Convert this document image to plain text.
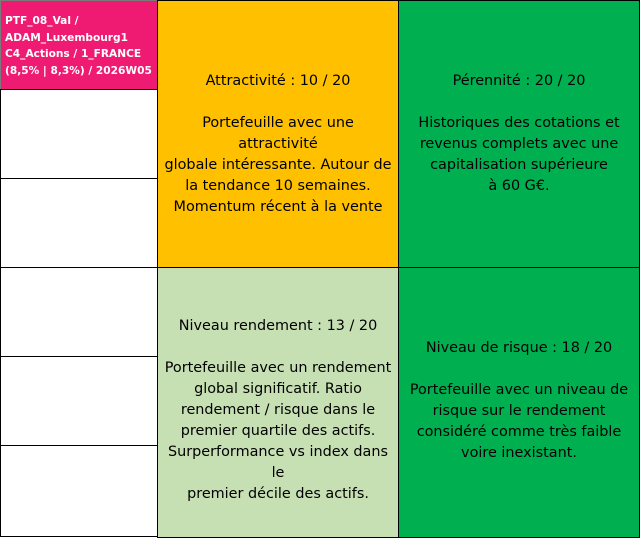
PTF_08_Val /
ADAM_Luxembourg1
C4_Actions / 1_FRANCE
(8,5% | 8,3%) / 2026W05
Attractivité : 10 / 20
Portefeuille avec une attractivité
globale intéressante. Autour de
la tendance 10 semaines.
Momentum récent à la vente
Pérennité : 20 / 20
Historiques des cotations et
revenus complets avec une
capitalisation supérieure
à 60 G€.
Niveau rendement : 13 / 20
Portefeuille avec un rendement
global significatif. Ratio
rendement / risque dans le
premier quartile des actifs.
Surperformance vs index dans le
premier décile des actifs.
Niveau de risque : 18 / 20
Portefeuille avec un niveau de
risque sur le rendement
considéré comme très faible
voire inexistant.
